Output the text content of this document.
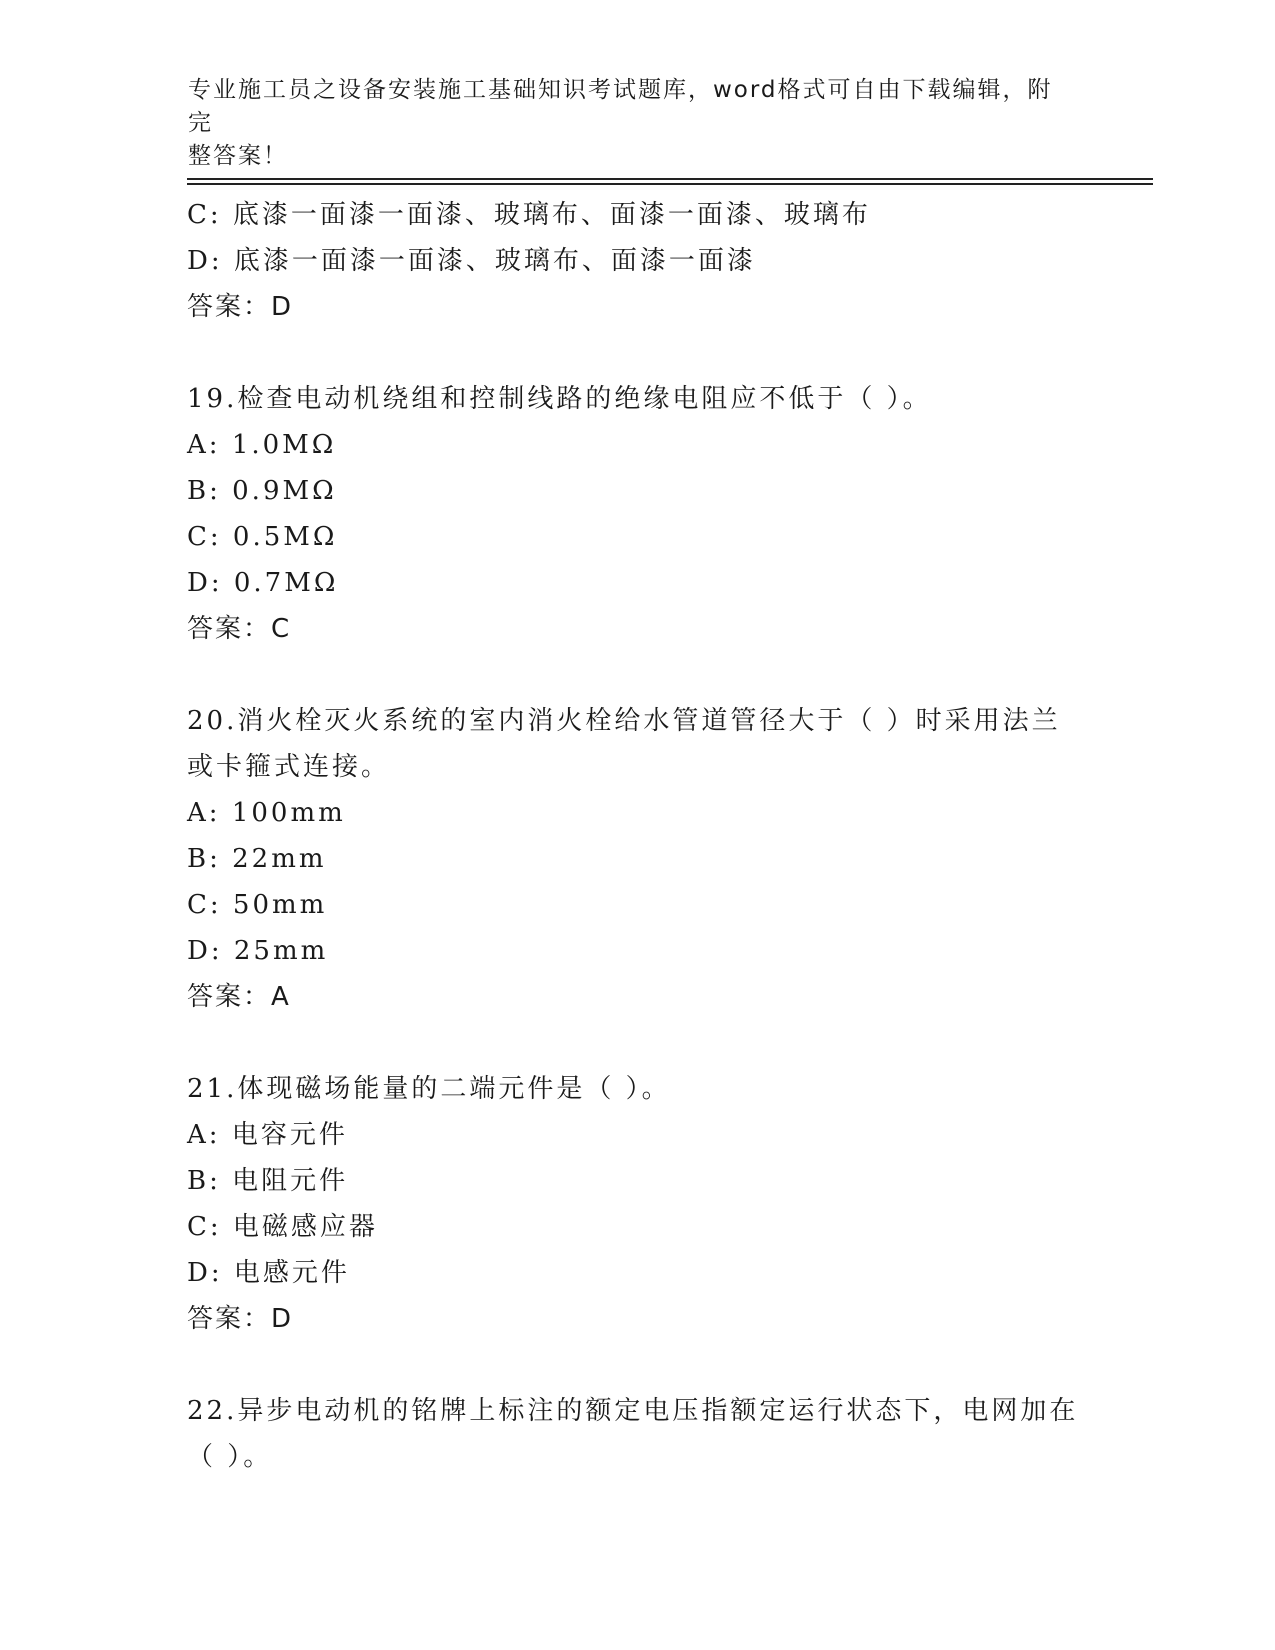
专业施工员之设备安装施工基础知识考试题库，word格式可自由下载编辑，附完
整答案！
C: 底漆一面漆一面漆、玻璃布、面漆一面漆、玻璃布
D: 底漆一面漆一面漆、玻璃布、面漆一面漆
答案：D
19.检查电动机绕组和控制线路的绝缘电阻应不低于（ ）。
A: 1.0MΩ
B: 0.9MΩ
C: 0.5MΩ
D: 0.7MΩ
答案：C
20.消火栓灭火系统的室内消火栓给水管道管径大于（ ）时采用法兰
或卡箍式连接。
A: 100mm
B: 22mm
C: 50mm
D: 25mm
答案：A
21.体现磁场能量的二端元件是（ ）。
A: 电容元件
B: 电阻元件
C: 电磁感应器
D: 电感元件
答案：D
22.异步电动机的铭牌上标注的额定电压指额定运行状态下，电网加在
（ ）。
